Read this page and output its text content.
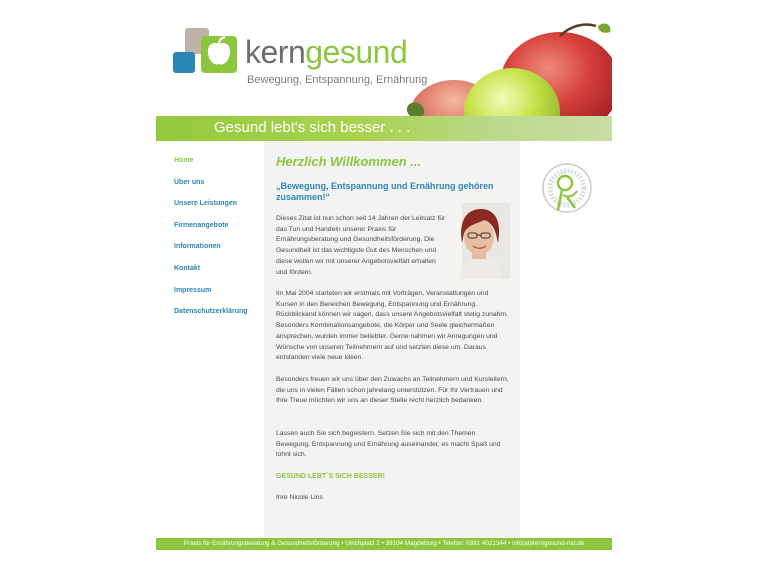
kerngesund
Bewegung, Entspannung, Ernährung
Gesund lebt's sich besser . . .
Home
Über uns
Unsere Leistungen
Firmenangebote
Informationen
Kontakt
Impressum
Datenschutzerklärung
Herzlich Willkommen ...
„Bewegung, Entspannung und Ernährung gehören zusammen!“
Dieses Zitat ist nun schon seit 14 Jahren der Leitsatz für das Tun und Handeln unserer Praxis für Ernährungsberatung und Gesundheitsförderung. Die Gesundheit ist das wichtigste Gut des Menschen und diese wollen wir mit unserer Angebotsvielfalt erhalten und fördern.
Im Mai 2004 starteten wir erstmals mit Vorträgen, Veranstaltungen und Kursen in den Bereichen Bewegung, Entspannung und Ernährung. Rückblickend können wir sagen, dass unsere Angebotsvielfalt stetig zunahm. Besonders Kombinationsangebote, die Körper und Seele gleichermaßen ansprechen, wurden immer beliebter. Gerne nahmen wir Anregungen und Wünsche von unseren Teilnehmern auf und setzten diese um. Daraus entstanden viele neue Ideen.
Besonders freuen wir uns über den Zuwachs an Teilnehmern und Kursleitern, die uns in vielen Fällen schon jahrelang unterstützen. Für Ihr Vertrauen und Ihre Treue möchten wir uns an dieser Stelle recht herzlich bedanken.
Lassen auch Sie sich begeistern. Setzen Sie sich mit den Themen Bewegung, Entspannung und Ernährung auseinander, es macht Spaß und lohnt sich.
GESUND LEBT´S SICH BESSER!
Ihre Nicole Lins
Praxis für Ernährungsberatung & Gesundheitsförderung • Ulrichplatz 2 • 39104 Magdeburg • Telefon: 0391 4021344 • info(at)kerngesund-md.de
